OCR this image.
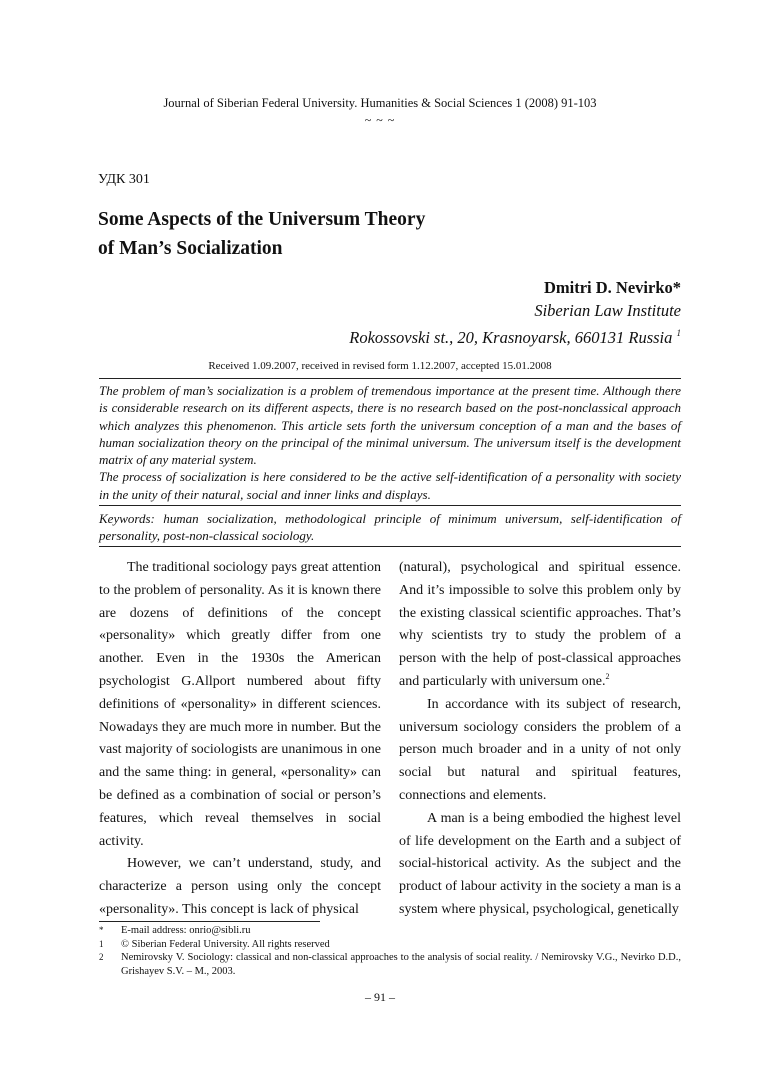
Journal of Siberian Federal University. Humanities & Social Sciences 1 (2008) 91-103
~ ~ ~
УДК 301
Some Aspects of the Universum Theory
of Man’s Socialization
Dmitri D. Nevirko*
Siberian Law Institute
Rokossovski st., 20, Krasnoyarsk, 660131 Russia $^1$
Received 1.09.2007, received in revised form 1.12.2007, accepted 15.01.2008

The problem of man’s socialization is a problem of tremendous importance at the present time. Although there is considerable research on its different aspects, there is no research based on the post-nonclassical approach which analyzes this phenomenon. This article sets forth the universum conception of a man and the bases of human socialization theory on the principal of the minimal universum. The universum itself is the development matrix of any material system.

The process of socialization is here considered to be the active self-identification of a personality with society in the unity of their natural, social and inner links and displays.

Keywords: human socialization, methodological principle of minimum universum, self-identification of personality, post-non-classical sociology.

The traditional sociology pays great attention to the problem of personality. As it is known there are dozens of definitions of the concept «personality» which greatly differ from one another. Even in the 1930s the American psychologist G.Allport numbered about fifty definitions of «personality» in different sciences. Nowadays they are much more in number. But the vast majority of sociologists are unanimous in one and the same thing: in general, «personality» can be defined as a combination of social or person’s features, which reveal themselves in social activity.

However, we can’t understand, study, and characterize a person using only the concept «personality». This concept is lack of physical

(natural), psychological and spiritual essence. And it’s impossible to solve this problem only by the existing classical scientific approaches. That’s why scientists try to study the problem of a person with the help of post-classical approaches and particularly with universum one.$^2$

In accordance with its subject of research, universum sociology considers the problem of a person much broader and in a unity of not only social but natural and spiritual features, connections and elements.

A man is a being embodied the highest level of life development on the Earth and a subject of social-historical activity. As the subject and the product of labour activity in the society a man is a system where physical, psychological, genetically

*	E-mail address: onrio@sibli.ru
1	© Siberian Federal University. All rights reserved
2	Nemirovsky V. Sociology: classical and non-classical approaches to the analysis of social reality. / Nemirovsky V.G., Nevirko D.D., Grishayev S.V. – M., 2003.
– 91 –
